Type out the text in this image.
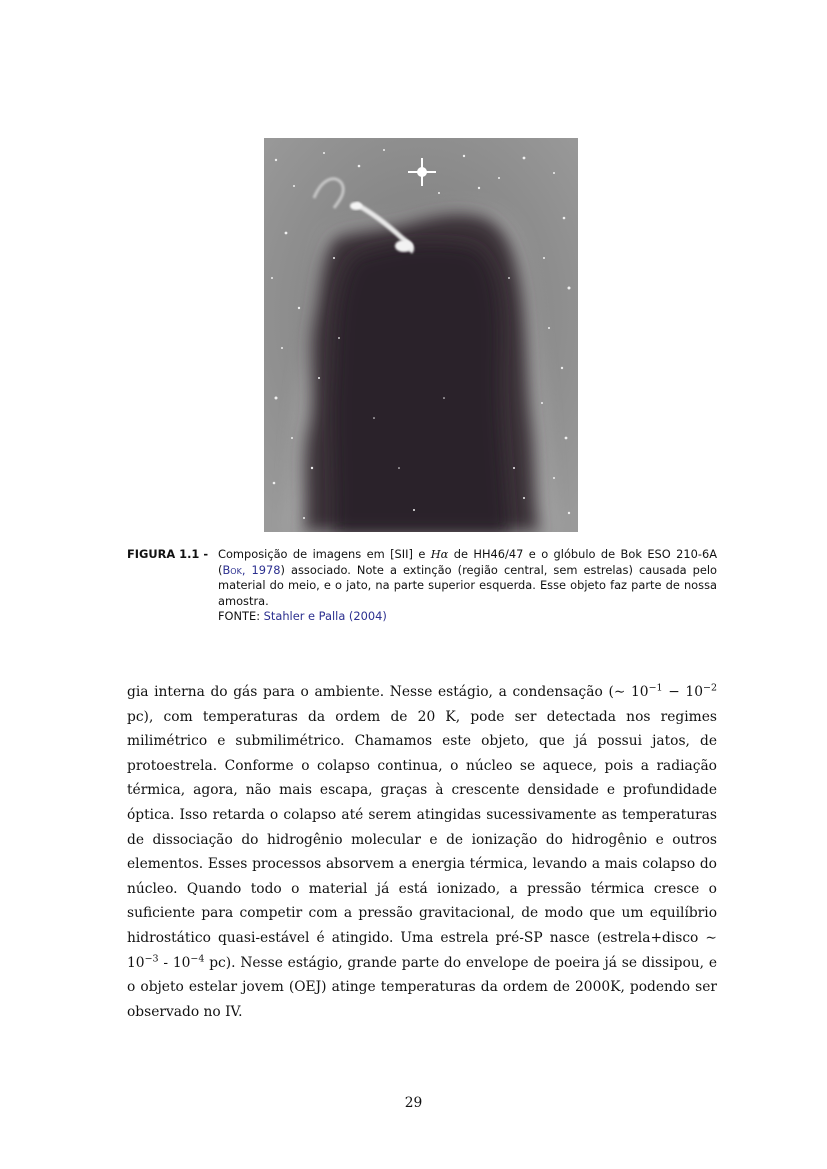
FIGURA 1.1 - Composição de imagens em [SII] e Hα de HH46/47 e o glóbulo de Bok ESO 210-6A (Bok, 1978) associado. Note a extinção (região central, sem estrelas) causada pelo material do meio, e o jato, na parte superior esquerda. Esse objeto faz parte de nossa amostra.
FONTE: Stahler e Palla (2004)

gia interna do gás para o ambiente. Nesse estágio, a condensação (∼ $10^{-1} - 10^{-2}$ pc), com temperaturas da ordem de 20 K, pode ser detectada nos regimes milimétrico e submilimétrico. Chamamos este objeto, que já possui jatos, de protoestrela. Conforme o colapso continua, o núcleo se aquece, pois a radiação térmica, agora, não mais escapa, graças à crescente densidade e profundidade óptica. Isso retarda o colapso até serem atingidas sucessivamente as temperaturas de dissociação do hidrogênio molecular e de ionização do hidrogênio e outros elementos. Esses processos absorvem a energia térmica, levando a mais colapso do núcleo. Quando todo o material já está ionizado, a pressão térmica cresce o suficiente para competir com a pressão gravitacional, de modo que um equilíbrio hidrostático quasi-estável é atingido. Uma estrela pré-SP nasce (estrela+disco ∼ $10^{-3} - 10^{-4}$ pc). Nesse estágio, grande parte do envelope de poeira já se dissipou, e o objeto estelar jovem (OEJ) atinge temperaturas da ordem de 2000K, podendo ser observado no IV.

29
